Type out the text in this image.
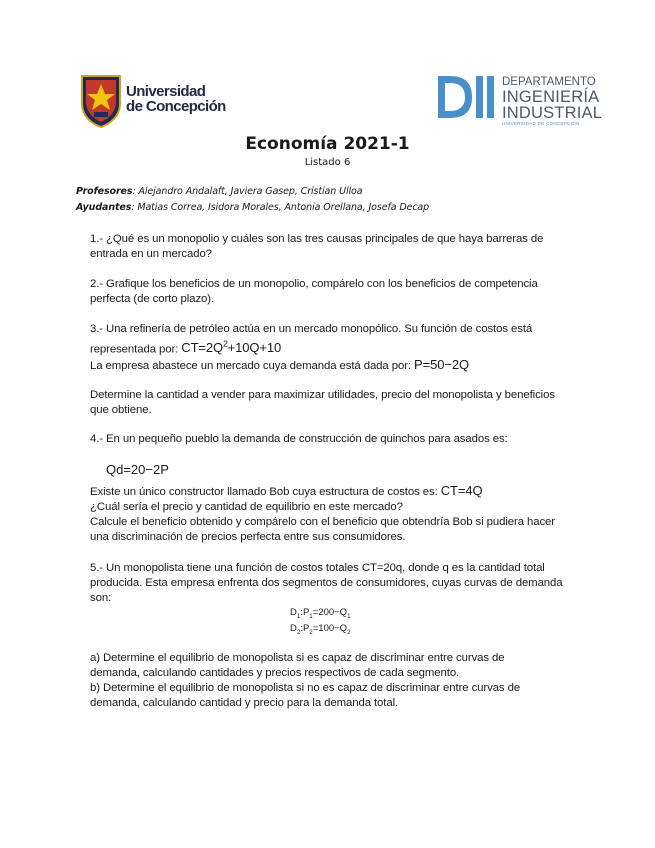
Universidad
de Concepción
DEPARTAMENTO
INGENIERÍA
INDUSTRIAL
UNIVERSIDAD DE CONCEPCIÓN
Economía 2021-1
Listado 6
Profesores: Alejandro Andalaft, Javiera Gasep, Cristian Ulloa
Ayudantes: Matias Correa, Isidora Morales, Antonia Orellana, Josefa Decap

1.- ¿Qué es un monopolio y cuáles son las tres causas principales de que haya barreras de entrada en un mercado?

2.- Grafique los beneficios de un monopolio, compárelo con los beneficios de competencia perfecta (de corto plazo).

3.- Una refinería de petróleo actúa en un mercado monopólico. Su función de costos está

representada por: $CT=2Q^2+10Q+10$

La empresa abastece un mercado cuya demanda está dada por: P=50−2Q

Determine la cantidad a vender para maximizar utilidades, precio del monopolista y beneficios que obtiene.

4.- En un pequeño pueblo la demanda de construcción de quinchos para asados es:

Qd=20−2P

Existe un único constructor llamado Bob cuya estructura de costos es: CT=4Q

¿Cuál sería el precio y cantidad de equilibrio en este mercado?

Calcule el beneficio obtenido y compárelo con el beneficio que obtendría Bob si pudiera hacer una discriminación de precios perfecta entre sus consumidores.

5.- Un monopolista tiene una función de costos totales CT=20q, donde q es la cantidad total producida. Esta empresa enfrenta dos segmentos de consumidores, cuyas curvas de demanda son:

$D_1:P_1=200-Q_1$
$D_2:P_2=100-Q_2$

a) Determine el equilibrio de monopolista si es capaz de discriminar entre curvas de demanda, calculando cantidades y precios respectivos de cada segmento.

b) Determine el equilibrio de monopolista si no es capaz de discriminar entre curvas de demanda, calculando cantidad y precio para la demanda total.
